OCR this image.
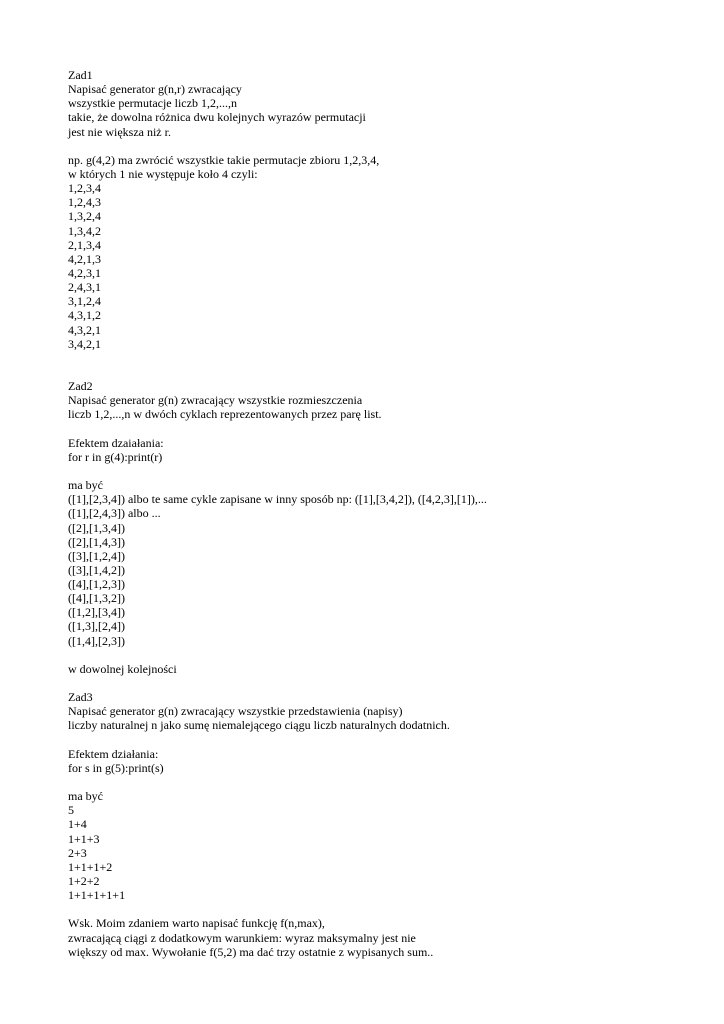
Zad1
Napisać generator g(n,r) zwracający
wszystkie permutacje liczb 1,2,...,n
takie, że dowolna różnica dwu kolejnych wyrazów permutacji
jest nie większa niż r.
np. g(4,2) ma zwrócić wszystkie takie permutacje zbioru 1,2,3,4,
w których 1 nie występuje koło 4 czyli:
1,2,3,4
1,2,4,3
1,3,2,4
1,3,4,2
2,1,3,4
4,2,1,3
4,2,3,1
2,4,3,1
3,1,2,4
4,3,1,2
4,3,2,1
3,4,2,1
Zad2
Napisać generator g(n) zwracający wszystkie rozmieszczenia
liczb 1,2,...,n w dwóch cyklach reprezentowanych przez parę list.
Efektem dzaiałania:
for r in g(4):print(r)
ma być
([1],[2,3,4]) albo te same cykle zapisane w inny sposób np: ([1],[3,4,2]), ([4,2,3],[1]),...
([1],[2,4,3]) albo ...
([2],[1,3,4])
([2],[1,4,3])
([3],[1,2,4])
([3],[1,4,2])
([4],[1,2,3])
([4],[1,3,2])
([1,2],[3,4])
([1,3],[2,4])
([1,4],[2,3])
w dowolnej kolejności
Zad3
Napisać generator g(n) zwracający wszystkie przedstawienia (napisy)
liczby naturalnej n jako sumę niemalejącego ciągu liczb naturalnych dodatnich.
Efektem działania:
for s in g(5):print(s)
ma być
5
1+4
1+1+3
2+3
1+1+1+2
1+2+2
1+1+1+1+1
Wsk. Moim zdaniem warto napisać funkcję f(n,max),
zwracającą ciągi z dodatkowym warunkiem: wyraz maksymalny jest nie
większy od max. Wywołanie f(5,2) ma dać trzy ostatnie z wypisanych sum..
